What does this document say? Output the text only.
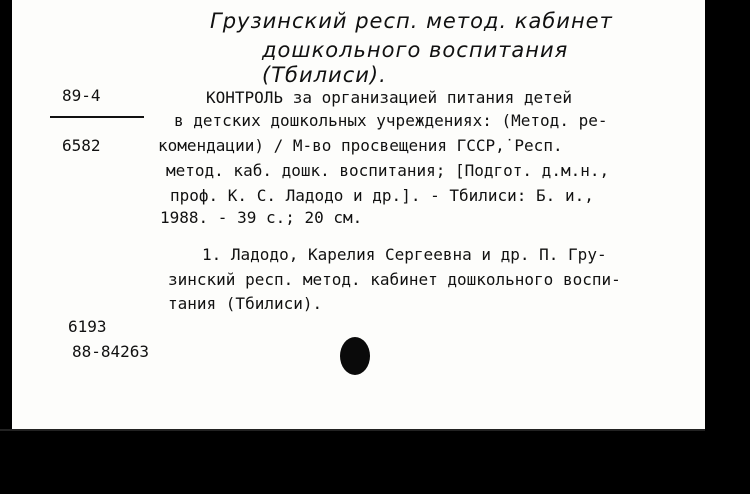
Грузинский респ. метод. кабинет
дошкольного воспитания
(Тбилиси).
89-4
6582
КОНТРОЛЬ за организацией питания детей
в детских дошкольных учреждениях: (Метод. ре-
комендации) / М-во просвещения ГССР,˙Респ.
метод. каб. дошк. воспитания; [Подгот. д.м.н.,
проф. К. С. Ладодо и др.]. - Тбилиси: Б. и.,
1988. - 39 с.; 20 см.
1. Ладодо, Карелия Сергеевна и др. П. Гру-
зинский респ. метод. кабинет дошкольного воспи-
тания (Тбилиси).
6193
88-84263
